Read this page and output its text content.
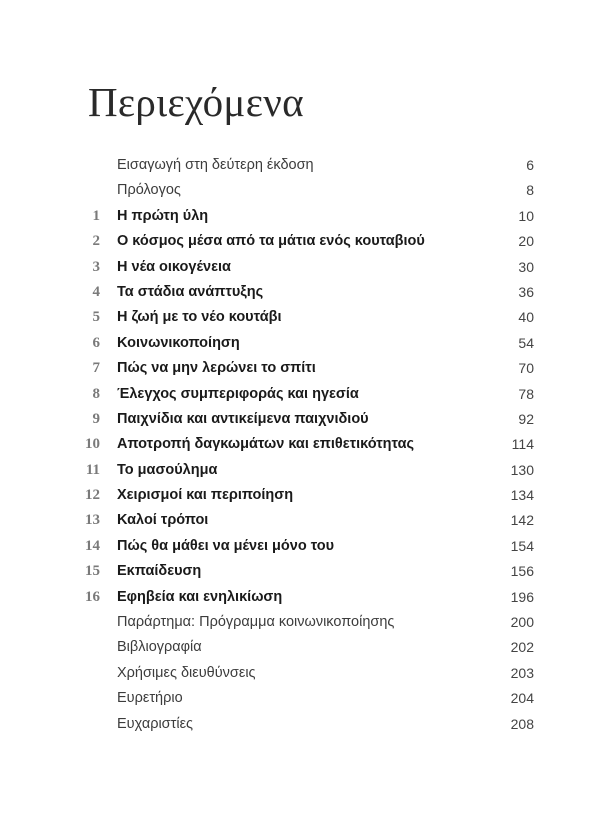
Περιεχόμενα
Εισαγωγή στη δεύτερη έκδοση	6
Πρόλογος	8
1 Η πρώτη ύλη	10
2 Ο κόσμος μέσα από τα μάτια ενός κουταβιού	20
3 Η νέα οικογένεια	30
4 Τα στάδια ανάπτυξης	36
5 Η ζωή με το νέο κουτάβι	40
6 Κοινωνικοποίηση	54
7 Πώς να μην λερώνει το σπίτι	70
8 Έλεγχος συμπεριφοράς και ηγεσία	78
9 Παιχνίδια και αντικείμενα παιχνιδιού	92
10 Αποτροπή δαγκωμάτων και επιθετικότητας	114
11 Το μασούλημα	130
12 Χειρισμοί και περιποίηση	134
13 Καλοί τρόποι	142
14 Πώς θα μάθει να μένει μόνο του	154
15 Εκπαίδευση	156
16 Εφηβεία και ενηλικίωση	196
Παράρτημα: Πρόγραμμα κοινωνικοποίησης	200
Βιβλιογραφία	202
Χρήσιμες διευθύνσεις	203
Ευρετήριο	204
Ευχαριστίες	208
